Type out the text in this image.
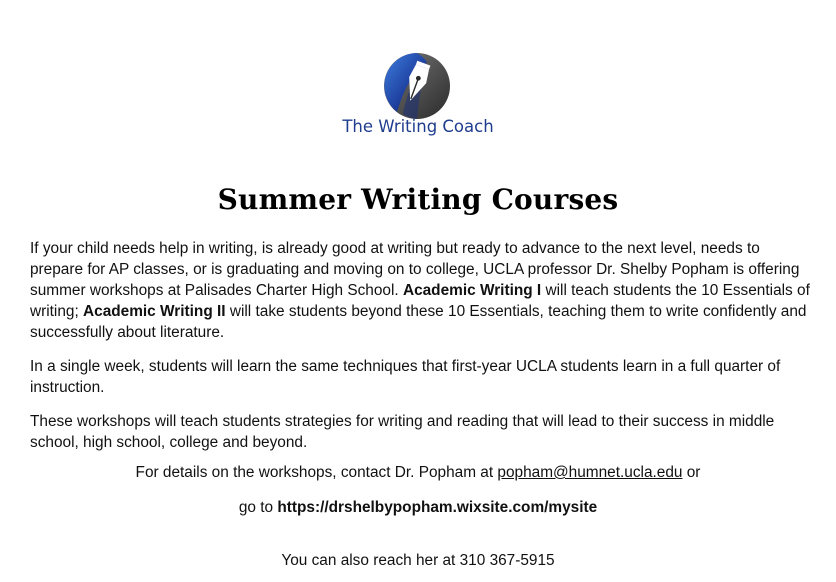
The Writing Coach
Summer Writing Courses

If your child needs help in writing, is already good at writing but ready to advance to the next level, needs to prepare for AP classes, or is graduating and moving on to college, UCLA professor Dr. Shelby Popham is offering summer workshops at Palisades Charter High School. Academic Writing I will teach students the 10 Essentials of writing; Academic Writing II will take students beyond these 10 Essentials, teaching them to write confidently and successfully about literature.

In a single week, students will learn the same techniques that first-year UCLA students learn in a full quarter of instruction.

These workshops will teach students strategies for writing and reading that will lead to their success in middle school, high school, college and beyond.

For details on the workshops, contact Dr. Popham at popham@humnet.ucla.edu or
go to https://drshelbypopham.wixsite.com/mysite
You can also reach her at 310 367-5915
